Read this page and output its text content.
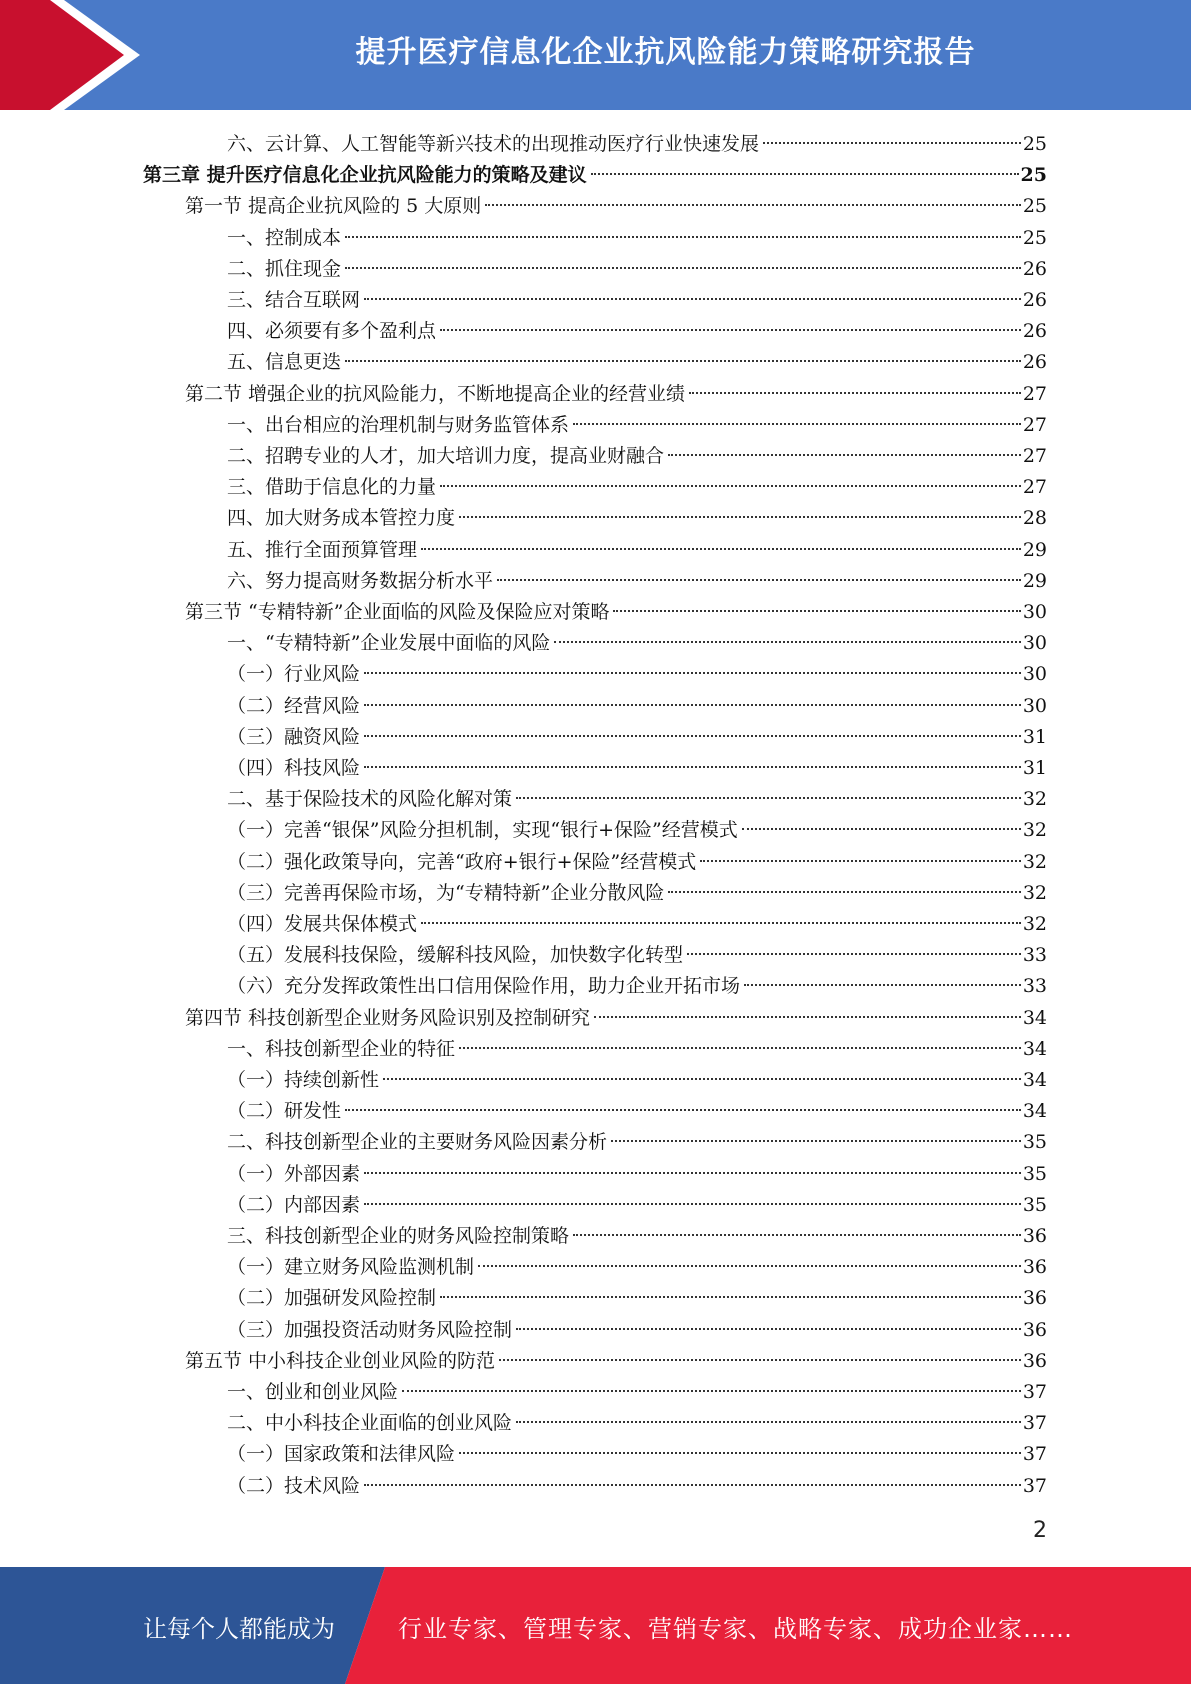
提升医疗信息化企业抗风险能力策略研究报告
六、云计算、人工智能等新兴技术的出现推动医疗行业快速发展	25
第三章 提升医疗信息化企业抗风险能力的策略及建议	25
第一节 提高企业抗风险的 5 大原则	25
一、控制成本	25
二、抓住现金	26
三、结合互联网	26
四、必须要有多个盈利点	26
五、信息更迭	26
第二节 增强企业的抗风险能力，不断地提高企业的经营业绩	27
一、出台相应的治理机制与财务监管体系	27
二、招聘专业的人才，加大培训力度，提高业财融合	27
三、借助于信息化的力量	27
四、加大财务成本管控力度	28
五、推行全面预算管理	29
六、努力提高财务数据分析水平	29
第三节 “专精特新”企业面临的风险及保险应对策略	30
一、“专精特新”企业发展中面临的风险	30
（一）行业风险	30
（二）经营风险	30
（三）融资风险	31
（四）科技风险	31
二、基于保险技术的风险化解对策	32
（一）完善“银保”风险分担机制，实现“银行+保险”经营模式	32
（二）强化政策导向，完善“政府+银行+保险”经营模式	32
（三）完善再保险市场，为“专精特新”企业分散风险	32
（四）发展共保体模式	32
（五）发展科技保险，缓解科技风险，加快数字化转型	33
（六）充分发挥政策性出口信用保险作用，助力企业开拓市场	33
第四节 科技创新型企业财务风险识别及控制研究	34
一、科技创新型企业的特征	34
（一）持续创新性	34
（二）研发性	34
二、科技创新型企业的主要财务风险因素分析	35
（一）外部因素	35
（二）内部因素	35
三、科技创新型企业的财务风险控制策略	36
（一）建立财务风险监测机制	36
（二）加强研发风险控制	36
（三）加强投资活动财务风险控制	36
第五节 中小科技企业创业风险的防范	36
一、创业和创业风险	37
二、中小科技企业面临的创业风险	37
（一）国家政策和法律风险	37
（二）技术风险	37
2
让每个人都能成为	行业专家、管理专家、营销专家、战略专家、成功企业家……
